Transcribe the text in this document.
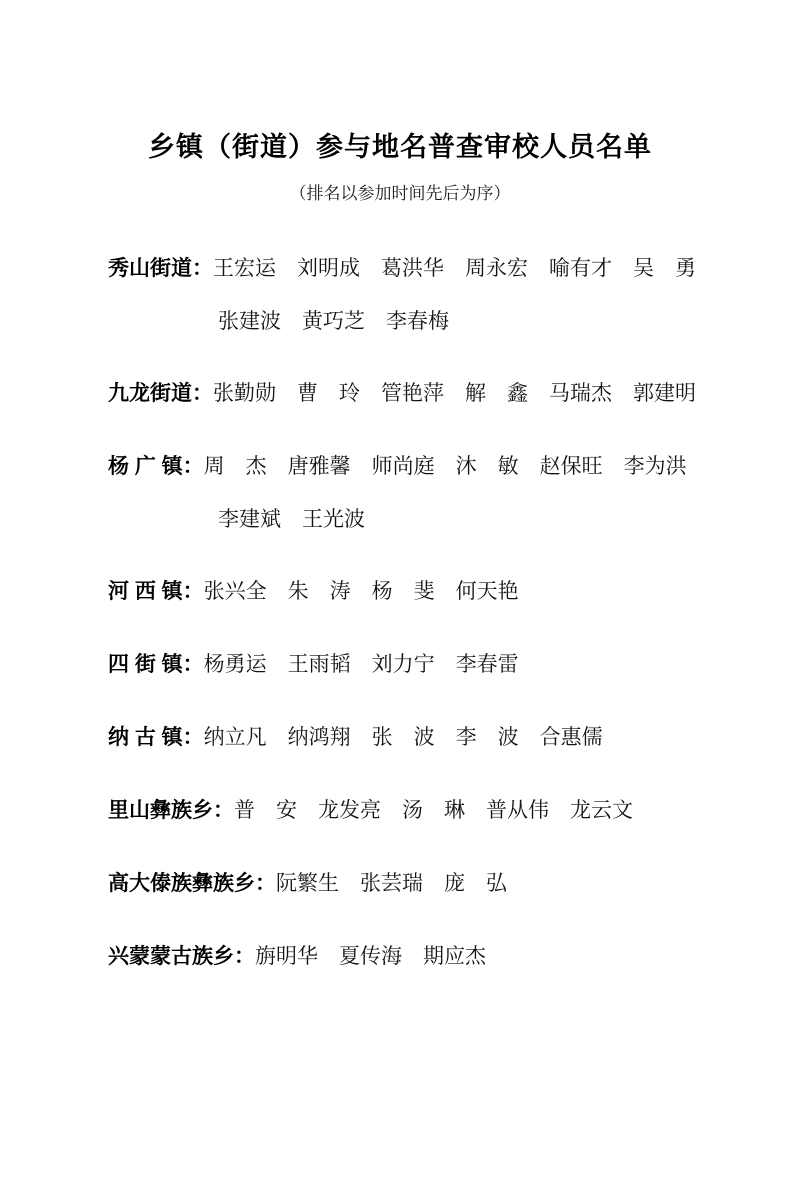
乡镇（街道）参与地名普查审校人员名单
（排名以参加时间先后为序）
秀山街道：王宏运　刘明成　葛洪华　周永宏　喻有才　吴　勇
张建波　黄巧芝　李春梅
九龙街道：张勤勋　曹　玲　管艳萍　解　鑫　马瑞杰　郭建明
杨 广 镇：周　杰　唐雅馨　师尚庭　沐　敏　赵保旺　李为洪
李建斌　王光波
河 西 镇：张兴全　朱　涛　杨　斐　何天艳
四 街 镇：杨勇运　王雨韬　刘力宁　李春雷
纳 古 镇：纳立凡　纳鸿翔　张　波　李　波　合惠儒
里山彝族乡：普　安　龙发亮　汤　琳　普从伟　龙云文
高大傣族彝族乡：阮繁生　张芸瑞　庞　弘
兴蒙蒙古族乡：旃明华　夏传海　期应杰
